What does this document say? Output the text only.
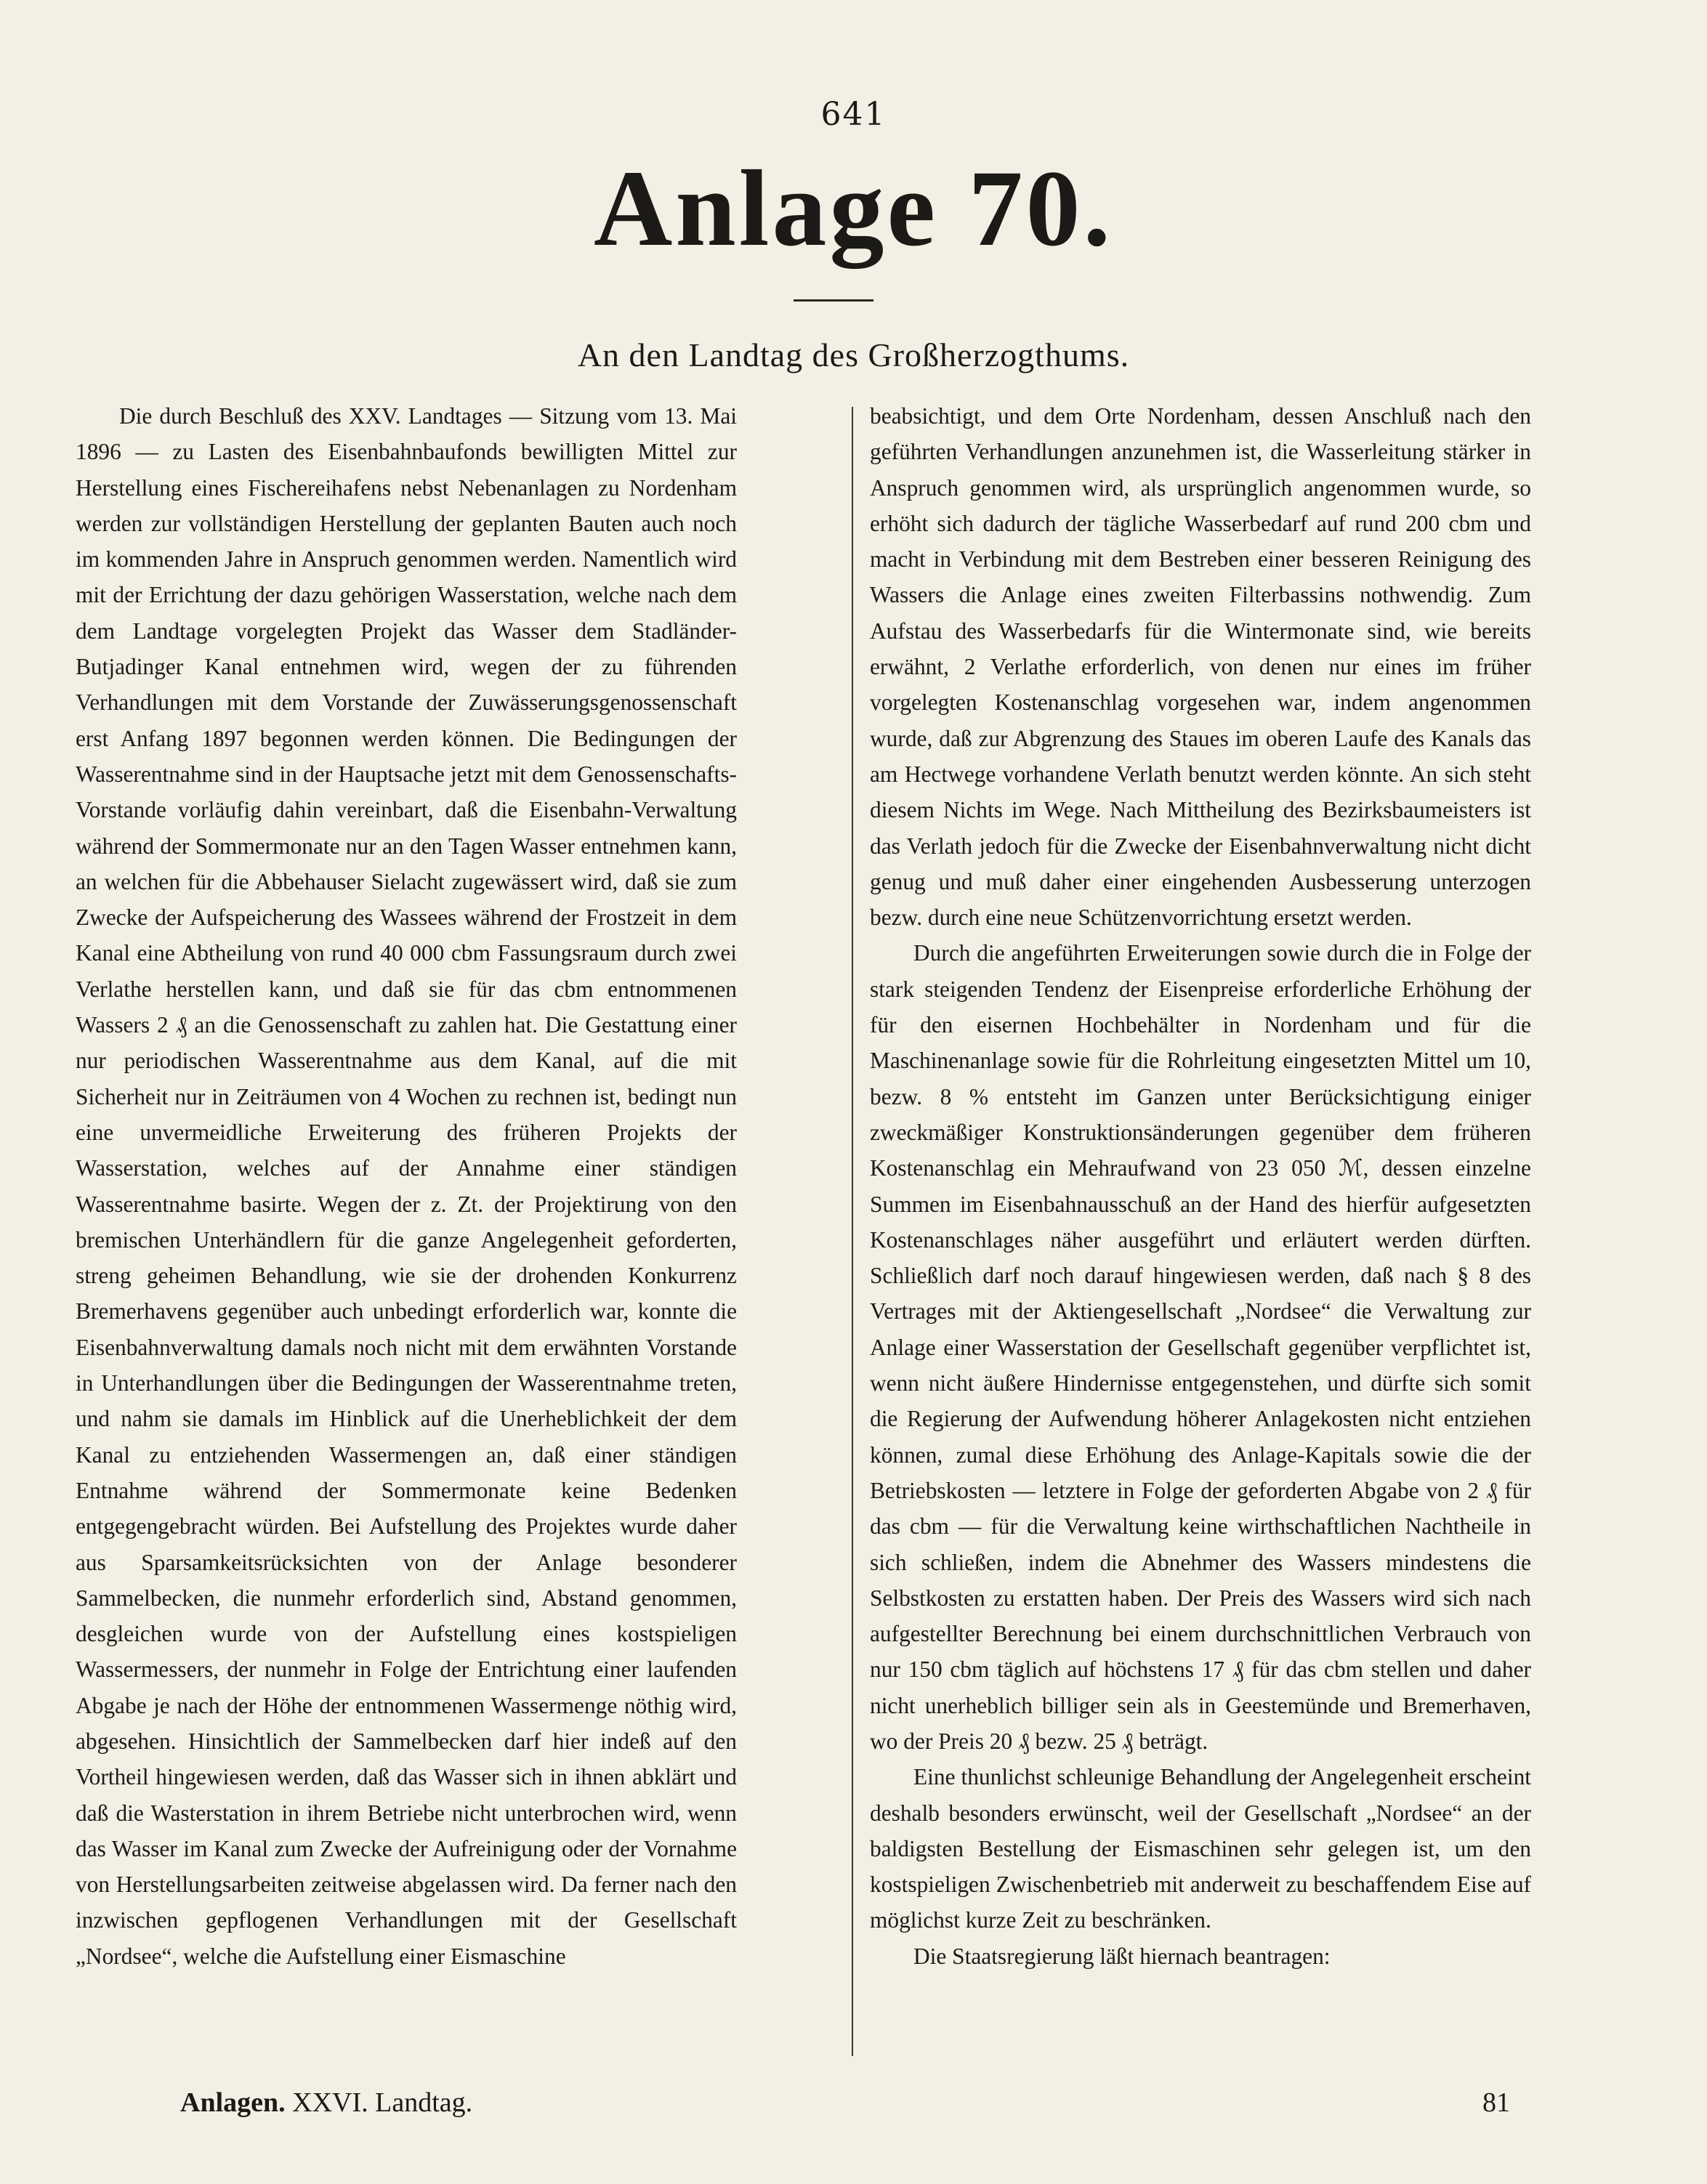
641
Anlage 70.
An den Landtag des Großherzogthums.

Die durch Beschluß des XXV. Landtages — Sitzung vom 13. Mai 1896 — zu Lasten des Eisenbahnbaufonds bewilligten Mittel zur Herstellung eines Fischereihafens nebst Nebenanlagen zu Nordenham werden zur vollständigen Herstellung der geplanten Bauten auch noch im kommenden Jahre in Anspruch genommen werden. Namentlich wird mit der Errichtung der dazu gehörigen Wasserstation, welche nach dem dem Landtage vorgelegten Projekt das Wasser dem Stadländer-Butjadinger Kanal entnehmen wird, wegen der zu führenden Verhandlungen mit dem Vorstande der Zuwässerungsgenossenschaft erst Anfang 1897 begonnen werden können. Die Bedingungen der Wasserentnahme sind in der Hauptsache jetzt mit dem Genossenschafts-Vorstande vorläufig dahin vereinbart, daß die Eisenbahn-Verwaltung während der Sommermonate nur an den Tagen Wasser entnehmen kann, an welchen für die Abbehauser Sielacht zugewässert wird, daß sie zum Zwecke der Aufspeicherung des Wassees während der Frostzeit in dem Kanal eine Abtheilung von rund 40 000 cbm Fassungsraum durch zwei Verlathe herstellen kann, und daß sie für das cbm entnommenen Wassers 2 ₰ an die Genossenschaft zu zahlen hat. Die Gestattung einer nur periodischen Wasserentnahme aus dem Kanal, auf die mit Sicherheit nur in Zeiträumen von 4 Wochen zu rechnen ist, bedingt nun eine unvermeidliche Erweiterung des früheren Projekts der Wasserstation, welches auf der Annahme einer ständigen Wasserentnahme basirte. Wegen der z. Zt. der Projektirung von den bremischen Unterhändlern für die ganze Angelegenheit geforderten, streng geheimen Behandlung, wie sie der drohenden Konkurrenz Bremerhavens gegenüber auch unbedingt erforderlich war, konnte die Eisenbahnverwaltung damals noch nicht mit dem erwähnten Vorstande in Unterhandlungen über die Bedingungen der Wasserentnahme treten, und nahm sie damals im Hinblick auf die Unerheblichkeit der dem Kanal zu entziehenden Wassermengen an, daß einer ständigen Entnahme während der Sommermonate keine Bedenken entgegengebracht würden. Bei Aufstellung des Projektes wurde daher aus Sparsamkeitsrücksichten von der Anlage besonderer Sammelbecken, die nunmehr erforderlich sind, Abstand genommen, desgleichen wurde von der Aufstellung eines kostspieligen Wassermessers, der nunmehr in Folge der Entrichtung einer laufenden Abgabe je nach der Höhe der entnommenen Wassermenge nöthig wird, abgesehen. Hinsichtlich der Sammelbecken darf hier indeß auf den Vortheil hingewiesen werden, daß das Wasser sich in ihnen abklärt und daß die Wasterstation in ihrem Betriebe nicht unterbrochen wird, wenn das Wasser im Kanal zum Zwecke der Aufreinigung oder der Vornahme von Herstellungsarbeiten zeitweise abgelassen wird. Da ferner nach den inzwischen gepflogenen Verhandlungen mit der Gesellschaft „Nordsee“, welche die Aufstellung einer Eismaschine

beabsichtigt, und dem Orte Nordenham, dessen Anschluß nach den geführten Verhandlungen anzunehmen ist, die Wasserleitung stärker in Anspruch genommen wird, als ursprünglich angenommen wurde, so erhöht sich dadurch der tägliche Wasserbedarf auf rund 200 cbm und macht in Verbindung mit dem Bestreben einer besseren Reinigung des Wassers die Anlage eines zweiten Filterbassins nothwendig. Zum Aufstau des Wasserbedarfs für die Wintermonate sind, wie bereits erwähnt, 2 Verlathe erforderlich, von denen nur eines im früher vorgelegten Kostenanschlag vorgesehen war, indem angenommen wurde, daß zur Abgrenzung des Staues im oberen Laufe des Kanals das am Hectwege vorhandene Verlath benutzt werden könnte. An sich steht diesem Nichts im Wege. Nach Mittheilung des Bezirksbaumeisters ist das Verlath jedoch für die Zwecke der Eisenbahnverwaltung nicht dicht genug und muß daher einer eingehenden Ausbesserung unterzogen bezw. durch eine neue Schützenvorrichtung ersetzt werden.

Durch die angeführten Erweiterungen sowie durch die in Folge der stark steigenden Tendenz der Eisenpreise erforderliche Erhöhung der für den eisernen Hochbehälter in Nordenham und für die Maschinenanlage sowie für die Rohrleitung eingesetzten Mittel um 10, bezw. 8 % entsteht im Ganzen unter Berücksichtigung einiger zweckmäßiger Konstruktionsänderungen gegenüber dem früheren Kostenanschlag ein Mehraufwand von 23 050 ℳ, dessen einzelne Summen im Eisenbahnausschuß an der Hand des hierfür aufgesetzten Kostenanschlages näher ausgeführt und erläutert werden dürften. Schließlich darf noch darauf hingewiesen werden, daß nach § 8 des Vertrages mit der Aktiengesellschaft „Nordsee“ die Verwaltung zur Anlage einer Wasserstation der Gesellschaft gegenüber verpflichtet ist, wenn nicht äußere Hindernisse entgegenstehen, und dürfte sich somit die Regierung der Aufwendung höherer Anlagekosten nicht entziehen können, zumal diese Erhöhung des Anlage-Kapitals sowie die der Betriebskosten — letztere in Folge der geforderten Abgabe von 2 ₰ für das cbm — für die Verwaltung keine wirthschaftlichen Nachtheile in sich schließen, indem die Abnehmer des Wassers mindestens die Selbstkosten zu erstatten haben. Der Preis des Wassers wird sich nach aufgestellter Berechnung bei einem durchschnittlichen Verbrauch von nur 150 cbm täglich auf höchstens 17 ₰ für das cbm stellen und daher nicht unerheblich billiger sein als in Geestemünde und Bremerhaven, wo der Preis 20 ₰ bezw. 25 ₰ beträgt.

Eine thunlichst schleunige Behandlung der Angelegenheit erscheint deshalb besonders erwünscht, weil der Gesellschaft „Nordsee“ an der baldigsten Bestellung der Eismaschinen sehr gelegen ist, um den kostspieligen Zwischenbetrieb mit anderweit zu beschaffendem Eise auf möglichst kurze Zeit zu beschränken.

Die Staatsregierung läßt hiernach beantragen:

Anlagen. XXVI. Landtag.	81
